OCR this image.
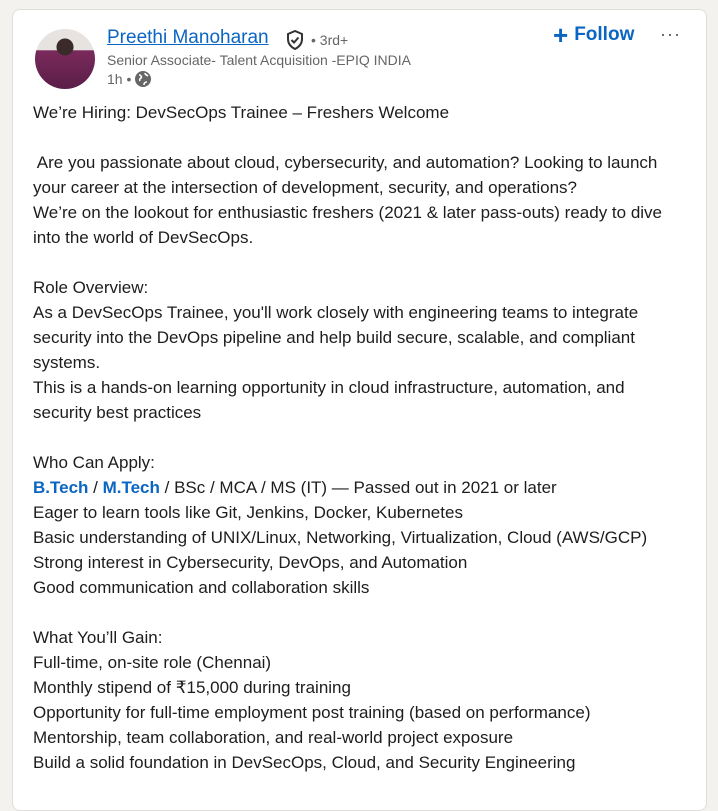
Preethi Manoharan	• 3rd+
Senior Associate- Talent Acquisition -EPIQ INDIA
1h •
+ Follow ···
We’re Hiring: DevSecOps Trainee – Freshers Welcome
Are you passionate about cloud, cybersecurity, and automation? Looking to launch
your career at the intersection of development, security, and operations?
We’re on the lookout for enthusiastic freshers (2021 & later pass-outs) ready to dive
into the world of DevSecOps.
Role Overview:
As a DevSecOps Trainee, you'll work closely with engineering teams to integrate
security into the DevOps pipeline and help build secure, scalable, and compliant
systems.
This is a hands-on learning opportunity in cloud infrastructure, automation, and
security best practices
Who Can Apply:
B.Tech / M.Tech / BSc / MCA / MS (IT) — Passed out in 2021 or later
Eager to learn tools like Git, Jenkins, Docker, Kubernetes
Basic understanding of UNIX/Linux, Networking, Virtualization, Cloud (AWS/GCP)
Strong interest in Cybersecurity, DevOps, and Automation
Good communication and collaboration skills
What You’ll Gain:
Full-time, on-site role (Chennai)
Monthly stipend of ₹15,000 during training
Opportunity for full-time employment post training (based on performance)
Mentorship, team collaboration, and real-world project exposure
Build a solid foundation in DevSecOps, Cloud, and Security Engineering
